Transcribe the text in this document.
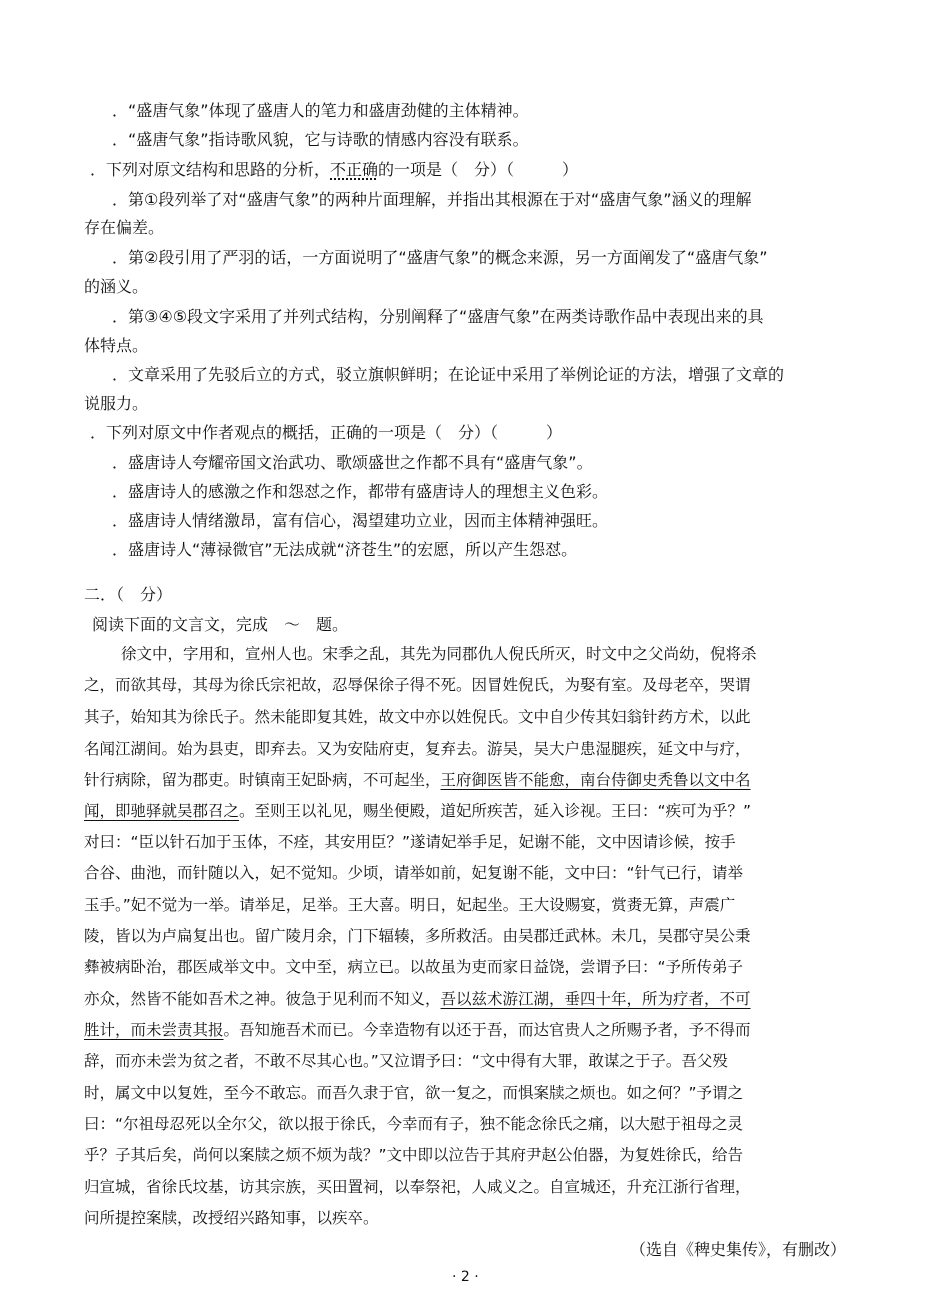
．“盛唐气象”体现了盛唐人的笔力和盛唐劲健的主体精神。
．“盛唐气象”指诗歌风貌，它与诗歌的情感内容没有联系。
．下列对原文结构和思路的分析，不正确的一项是（　分）（　　　）
．第①段列举了对“盛唐气象”的两种片面理解，并指出其根源在于对“盛唐气象”涵义的理解
存在偏差。
．第②段引用了严羽的话，一方面说明了“盛唐气象”的概念来源，另一方面阐发了“盛唐气象”
的涵义。
．第③④⑤段文字采用了并列式结构，分别阐释了“盛唐气象”在两类诗歌作品中表现出来的具
体特点。
．文章采用了先驳后立的方式，驳立旗帜鲜明；在论证中采用了举例论证的方法，增强了文章的
说服力。
．下列对原文中作者观点的概括，正确的一项是（　分）（　　　）
．盛唐诗人夸耀帝国文治武功、歌颂盛世之作都不具有“盛唐气象”。
．盛唐诗人的感激之作和怨怼之作，都带有盛唐诗人的理想主义色彩。
．盛唐诗人情绪激昂，富有信心，渴望建功立业，因而主体精神强旺。
．盛唐诗人“薄禄微官”无法成就“济苍生”的宏愿，所以产生怨怼。
二．（　分）
阅读下面的文言文，完成　～　题。
徐文中，字用和，宣州人也。宋季之乱，其先为同郡仇人倪氏所灭，时文中之父尚幼，倪将杀
之，而欲其母，其母为徐氏宗祀故，忍辱保徐子得不死。因冒姓倪氏，为娶有室。及母老卒，哭谓
其子，始知其为徐氏子。然未能即复其姓，故文中亦以姓倪氏。文中自少传其妇翁针药方术，以此
名闻江湖间。始为县吏，即弃去。又为安陆府吏，复弃去。游吴，吴大户患湿腿疾，延文中与疗，
针行病除，留为郡吏。时镇南王妃卧病，不可起坐，王府御医皆不能愈，南台侍御史秃鲁以文中名
闻，即驰驿就吴郡召之。至则王以礼见，赐坐便殿，道妃所疾苦，延入诊视。王曰：“疾可为乎？”
对曰：“臣以针石加于玉体，不痊，其安用臣？”遂请妃举手足，妃谢不能，文中因请诊候，按手
合谷、曲池，而针随以入，妃不觉知。少顷，请举如前，妃复谢不能，文中曰：“针气已行，请举
玉手。”妃不觉为一举。请举足，足举。王大喜。明日，妃起坐。王大设赐宴，赏赉无算，声震广
陵，皆以为卢扁复出也。留广陵月余，门下辐辏，多所救活。由吴郡迁武林。未几，吴郡守吴公秉
彝被病卧治，郡医咸举文中。文中至，病立已。以故虽为吏而家日益饶，尝谓予曰：“予所传弟子
亦众，然皆不能如吾术之神。彼急于见利而不知义，吾以兹术游江湖，垂四十年，所为疗者，不可
胜计，而未尝责其报。吾知施吾术而已。今幸造物有以还于吾，而达官贵人之所赐予者，予不得而
辞，而亦未尝为贫之者，不敢不尽其心也。”又泣谓予曰：“文中得有大罪，敢谋之于子。吾父殁
时，属文中以复姓，至今不敢忘。而吾久隶于官，欲一复之，而惧案牍之烦也。如之何？”予谓之
曰：“尔祖母忍死以全尔父，欲以报于徐氏，今幸而有子，独不能念徐氏之痛，以大慰于祖母之灵
乎？子其后矣，尚何以案牍之烦不烦为哉？”文中即以泣告于其府尹赵公伯器，为复姓徐氏，给告
归宣城，省徐氏坟基，访其宗族，买田置祠，以奉祭祀，人咸义之。自宣城还，升充江浙行省理，
问所提控案牍，改授绍兴路知事，以疾卒。
（选自《稗史集传》，有删改）
· 2 ·
